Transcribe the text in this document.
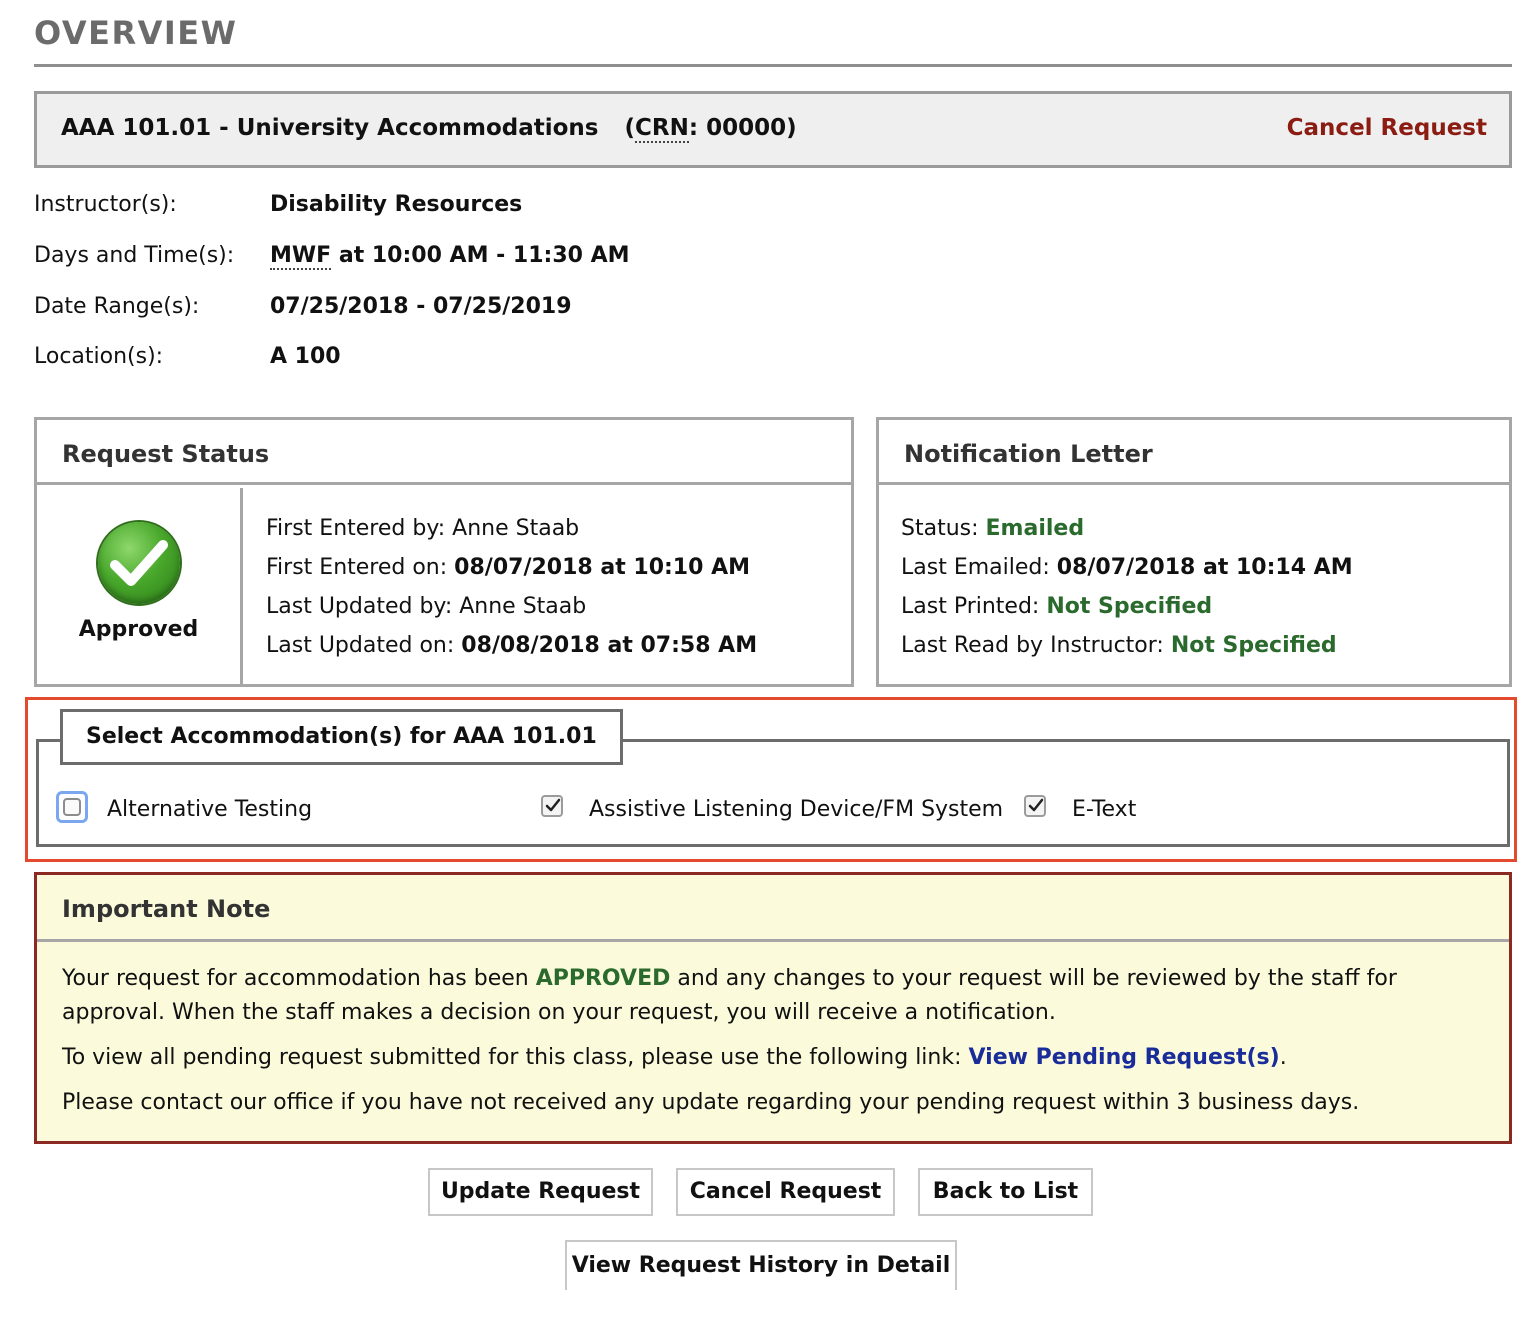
OVERVIEW
AAA 101.01 - University Accommodations (CRN: 00000)	Cancel Request
Instructor(s):	Disability Resources
Days and Time(s): MWF at 10:00 AM - 11:30 AM
Date Range(s):	07/25/2018 - 07/25/2019
Location(s):	A 100
Request Status
Approved
First Entered by: Anne Staab
First Entered on: 08/07/2018 at 10:10 AM
Last Updated by: Anne Staab
Last Updated on: 08/08/2018 at 07:58 AM
Notification Letter
Status: Emailed
Last Emailed: 08/07/2018 at 10:14 AM
Last Printed: Not Specified
Last Read by Instructor: Not Specified
Select Accommodation(s) for AAA 101.01
Alternative Testing	Assistive Listening Device/FM System	E-Text
Important Note

Your request for accommodation has been APPROVED and any changes to your request will be reviewed by the staff for approval. When the staff makes a decision on your request, you will receive a notification.

To view all pending request submitted for this class, please use the following link: View Pending Request(s).

Please contact our office if you have not received any update regarding your pending request within 3 business days.

Update Request	Cancel Request	Back to List
View Request History in Detail
